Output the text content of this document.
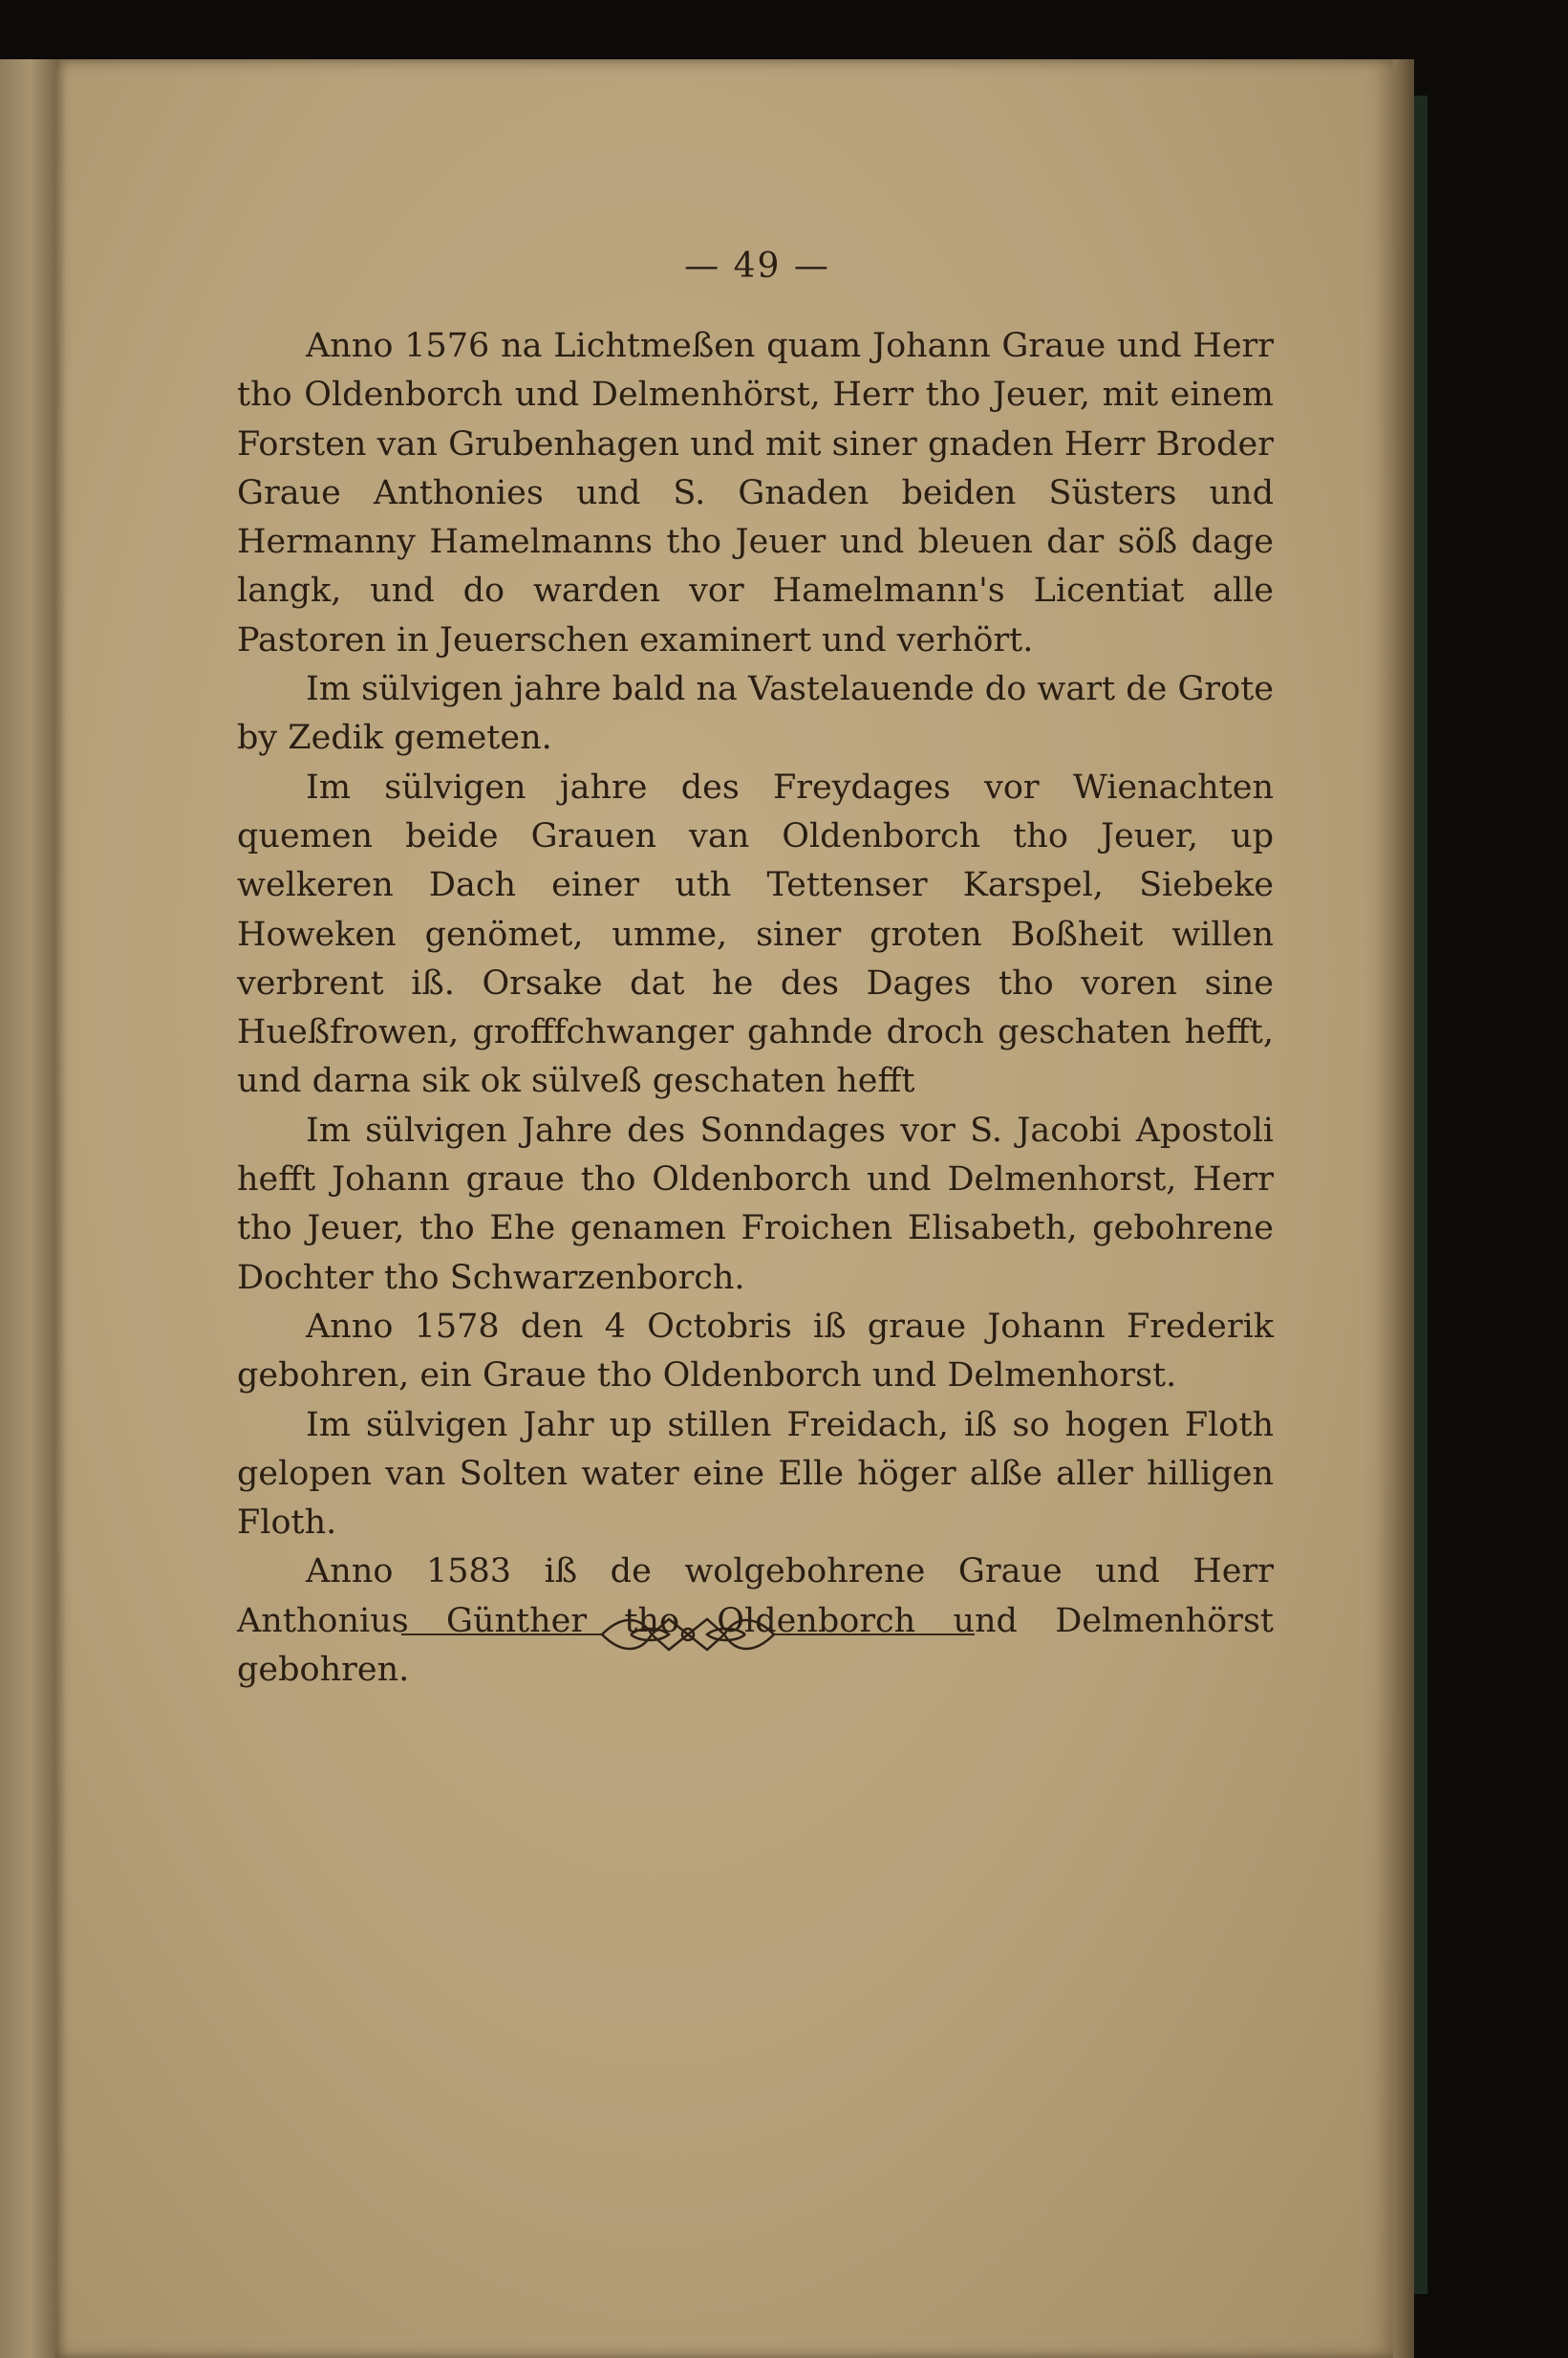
— 49 —

Anno 1576 na Lichtmeßen quam Johann Graue und Herr tho Oldenborch und Delmenhörst, Herr tho Jeuer, mit einem Forsten van Grubenhagen und mit siner gnaden Herr Broder Graue Anthonies und S. Gnaden beiden Süsters und Hermanny Hamelmanns tho Jeuer und bleuen dar söß dage langk, und do warden vor Hamelmann's Licentiat alle Pastoren in Jeuerschen examinert und verhört.

Im sülvigen jahre bald na Vastelauende do wart de Grote by Zedik gemeten.

Im sülvigen jahre des Freydages vor Wienachten quemen beide Grauen van Oldenborch tho Jeuer, up welkeren Dach einer uth Tettenser Karspel, Siebeke Howeken genömet, umme, siner groten Boßheit willen verbrent iß. Orsake dat he des Dages tho voren sine Hueßfrowen, grofffchwanger gahnde droch geschaten hefft, und darna sik ok sülveß geschaten hefft

Im sülvigen Jahre des Sonndages vor S. Jacobi Apostoli hefft Johann graue tho Oldenborch und Delmenhorst, Herr tho Jeuer, tho Ehe genamen Froichen Elisabeth, gebohrene Dochter tho Schwarzenborch.

Anno 1578 den 4 Octobris iß graue Johann Frederik gebohren, ein Graue tho Oldenborch und Delmenhorst.

Im sülvigen Jahr up stillen Freidach, iß so hogen Floth gelopen van Solten water eine Elle höger alße aller hilligen Floth.

Anno 1583 iß de wolgebohrene Graue und Herr Anthonius Günther tho Oldenborch und Delmenhörst gebohren.
